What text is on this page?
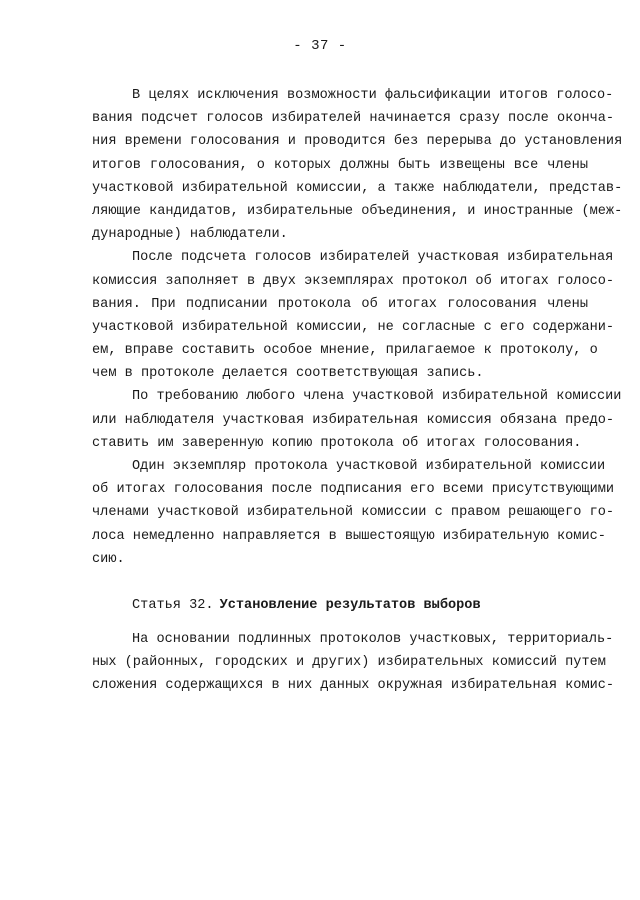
- 37 -

В целях исключения возможности фальсификации итогов голосо-
вания подсчет голосов избирателей начинается сразу после оконча-
ния времени голосования и проводится без перерыва до установления
итогов голосования, о которых должны быть извещены все члены
участковой избирательной комиссии, а также наблюдатели, представ-
ляющие кандидатов, избирательные объединения, и иностранные (меж-
дународные) наблюдатели.

После подсчета голосов избирателей участковая избирательная
комиссия заполняет в двух экземплярах протокол об итогах голосо-
вания. При подписании протокола об итогах голосования члены
участковой избирательной комиссии, не согласные с его содержани-
ем, вправе составить особое мнение, прилагаемое к протоколу, о
чем в протоколе делается соответствующая запись.

По требованию любого члена участковой избирательной комиссии
или наблюдателя участковая избирательная комиссия обязана предо-
ставить им заверенную копию протокола об итогах голосования.

Один экземпляр протокола участковой избирательной комиссии
об итогах голосования после подписания его всеми присутствующими
членами участковой избирательной комиссии с правом решающего го-
лоса немедленно направляется в вышестоящую избирательную комис-
сию.

Статья 32. Установление результатов выборов

На основании подлинных протоколов участковых, территориаль-
ных (районных, городских и других) избирательных комиссий путем
сложения содержащихся в них данных окружная избирательная комис-
